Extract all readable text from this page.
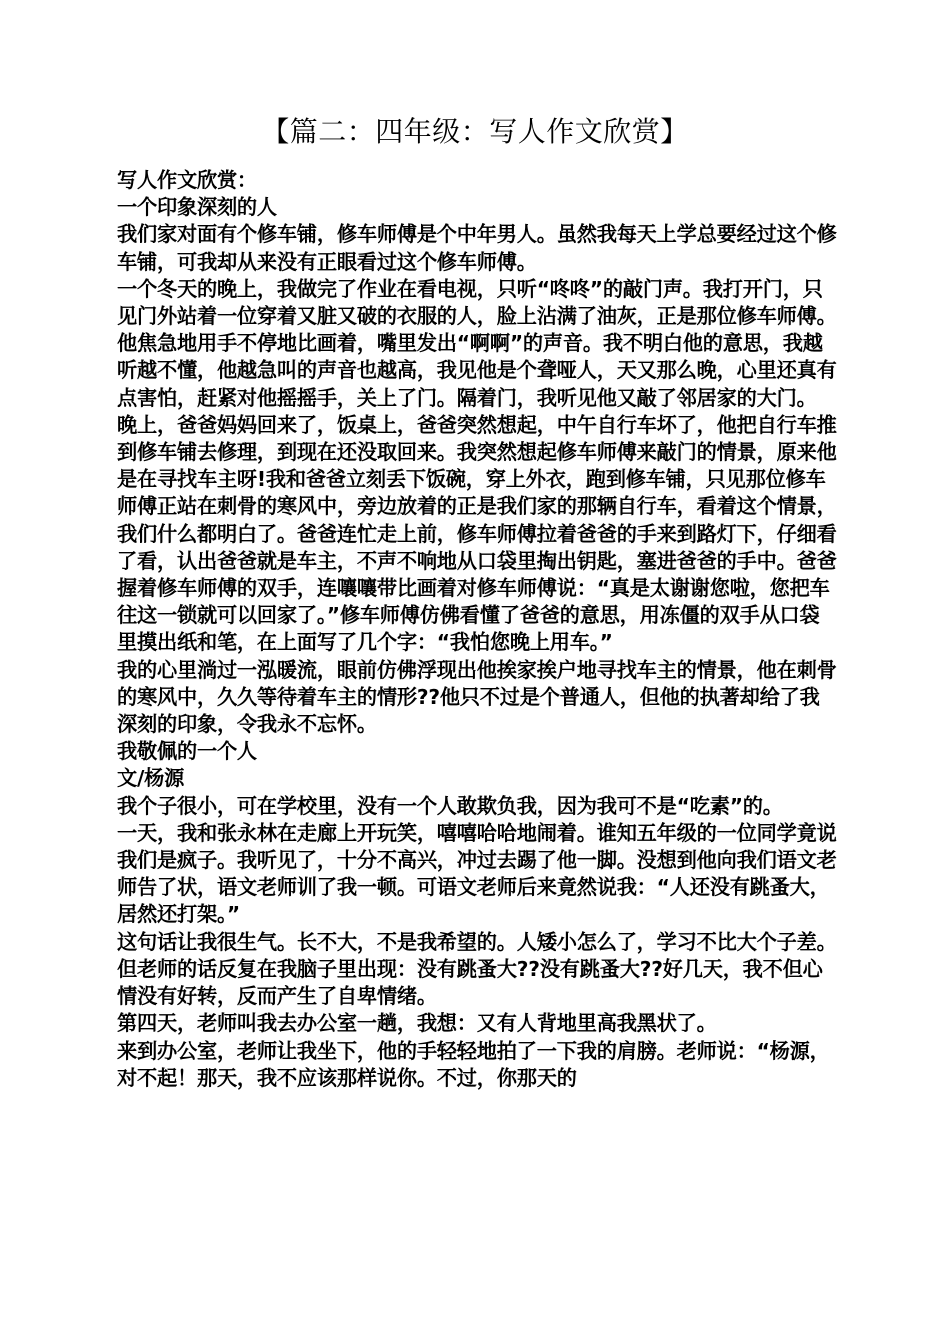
【篇二：四年级：写人作文欣赏】

写人作文欣赏：

一个印象深刻的人

我们家对面有个修车铺，修车师傅是个中年男人。虽然我每天上学总要经过这个修车铺，可我却从来没有正眼看过这个修车师傅。

一个冬天的晚上，我做完了作业在看电视，只听“咚咚”的敲门声。我打开门，只见门外站着一位穿着又脏又破的衣服的人，脸上沾满了油灰，正是那位修车师傅。他焦急地用手不停地比画着，嘴里发出“啊啊”的声音。我不明白他的意思，我越听越不懂，他越急叫的声音也越高，我见他是个聋哑人，天又那么晚，心里还真有点害怕，赶紧对他摇摇手，关上了门。隔着门，我听见他又敲了邻居家的大门。

晚上，爸爸妈妈回来了，饭桌上，爸爸突然想起，中午自行车坏了，他把自行车推到修车铺去修理，到现在还没取回来。我突然想起修车师傅来敲门的情景，原来他是在寻找车主呀!我和爸爸立刻丢下饭碗，穿上外衣，跑到修车铺，只见那位修车师傅正站在刺骨的寒风中，旁边放着的正是我们家的那辆自行车，看着这个情景，我们什么都明白了。爸爸连忙走上前，修车师傅拉着爸爸的手来到路灯下，仔细看了看，认出爸爸就是车主，不声不响地从口袋里掏出钥匙，塞进爸爸的手中。爸爸握着修车师傅的双手，连嚷嚷带比画着对修车师傅说：“真是太谢谢您啦，您把车往这一锁就可以回家了。”修车师傅仿佛看懂了爸爸的意思，用冻僵的双手从口袋里摸出纸和笔，在上面写了几个字：“我怕您晚上用车。”

我的心里淌过一泓暖流，眼前仿佛浮现出他挨家挨户地寻找车主的情景，他在刺骨的寒风中，久久等待着车主的情形??他只不过是个普通人，但他的执著却给了我深刻的印象，令我永不忘怀。

我敬佩的一个人

文/杨源

我个子很小，可在学校里，没有一个人敢欺负我，因为我可不是“吃素”的。

一天，我和张永林在走廊上开玩笑，嘻嘻哈哈地闹着。谁知五年级的一位同学竟说我们是疯子。我听见了，十分不高兴，冲过去踢了他一脚。没想到他向我们语文老师告了状，语文老师训了我一顿。可语文老师后来竟然说我：“人还没有跳蚤大，居然还打架。”

这句话让我很生气。长不大，不是我希望的。人矮小怎么了，学习不比大个子差。但老师的话反复在我脑子里出现：没有跳蚤大??没有跳蚤大??好几天，我不但心情没有好转，反而产生了自卑情绪。

第四天，老师叫我去办公室一趟，我想：又有人背地里高我黑状了。

来到办公室，老师让我坐下，他的手轻轻地拍了一下我的肩膀。老师说：“杨源，对不起！那天，我不应该那样说你。不过，你那天的
